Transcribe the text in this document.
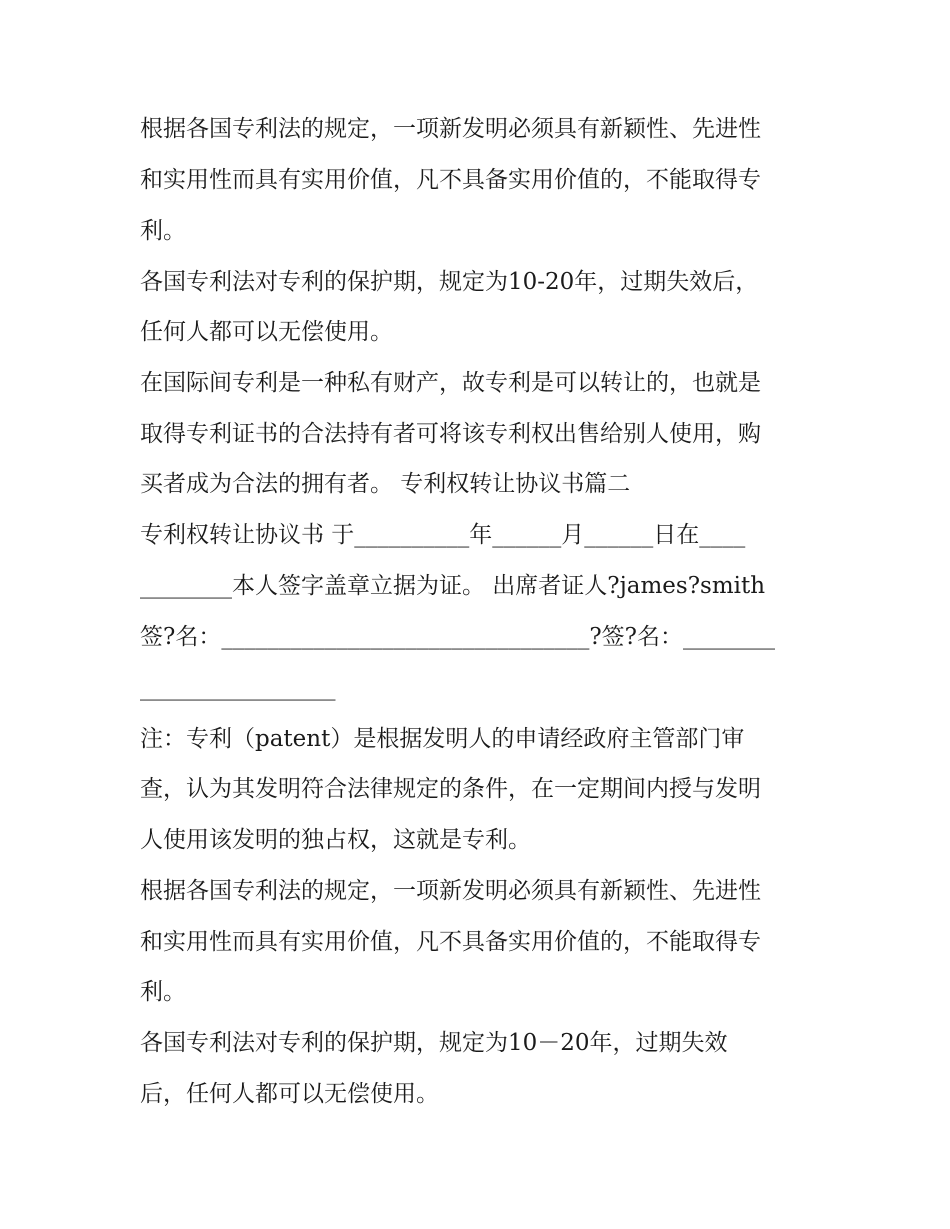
根据各国专利法的规定，一项新发明必须具有新颖性、先进性
和实用性而具有实用价值，凡不具备实用价值的，不能取得专
利。
各国专利法对专利的保护期，规定为10-20年，过期失效后，
任何人都可以无偿使用。
在国际间专利是一种私有财产，故专利是可以转让的，也就是
取得专利证书的合法持有者可将该专利权出售给别人使用，购
买者成为合法的拥有者。 专利权转让协议书篇二
专利权转让协议书 于__________年______月______日在____
________本人签字盖章立据为证。 出席者证人?james?smith
签?名：________________________________?签?名：________
_________________
注：专利（patent）是根据发明人的申请经政府主管部门审
查，认为其发明符合法律规定的条件，在一定期间内授与发明
人使用该发明的独占权，这就是专利。
根据各国专利法的规定，一项新发明必须具有新颖性、先进性
和实用性而具有实用价值，凡不具备实用价值的，不能取得专
利。
各国专利法对专利的保护期，规定为10－20年，过期失效
后，任何人都可以无偿使用。
